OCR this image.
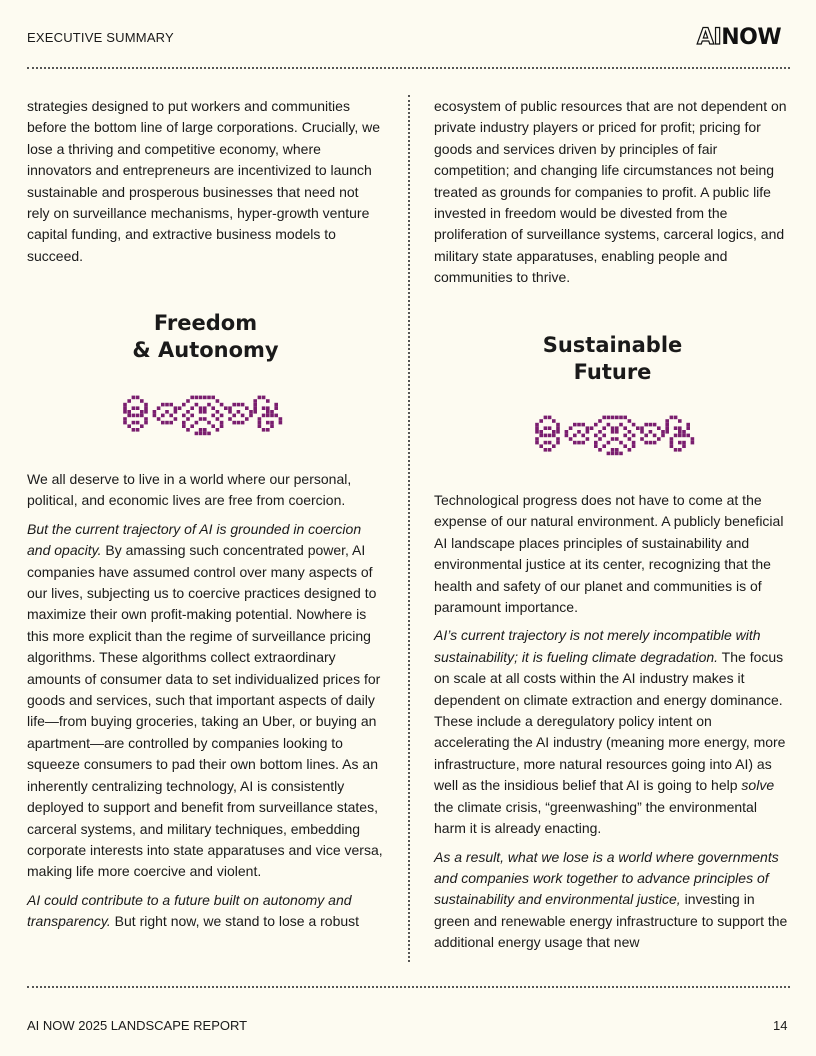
EXECUTIVE SUMMARY	AINOW

strategies designed to put workers and communities before the bottom line of large corporations. Crucially, we lose a thriving and competitive economy, where innovators and entrepreneurs are incentivized to launch sustainable and prosperous businesses that need not rely on surveillance mechanisms, hyper-growth venture capital funding, and extractive business models to succeed.

Freedom
& Autonomy

We all deserve to live in a world where our personal, political, and economic lives are free from coercion.

But the current trajectory of AI is grounded in coercion and opacity. By amassing such concentrated power, AI companies have assumed control over many aspects of our lives, subjecting us to coercive practices designed to maximize their own profit-making potential. Nowhere is this more explicit than the regime of surveillance pricing algorithms. These algorithms collect extraordinary amounts of consumer data to set individualized prices for goods and services, such that important aspects of daily life—from buying groceries, taking an Uber, or buying an apartment—are controlled by companies looking to squeeze consumers to pad their own bottom lines. As an inherently centralizing technology, AI is consistently deployed to support and benefit from surveillance states, carceral systems, and military techniques, embedding corporate interests into state apparatuses and vice versa, making life more coercive and violent.

AI could contribute to a future built on autonomy and transparency. But right now, we stand to lose a robust

ecosystem of public resources that are not dependent on private industry players or priced for profit; pricing for goods and services driven by principles of fair competition; and changing life circumstances not being treated as grounds for companies to profit. A public life invested in freedom would be divested from the proliferation of surveillance systems, carceral logics, and military state apparatuses, enabling people and communities to thrive.

Sustainable
Future

Technological progress does not have to come at the expense of our natural environment. A publicly beneficial AI landscape places principles of sustainability and environmental justice at its center, recognizing that the health and safety of our planet and communities is of paramount importance.

AI’s current trajectory is not merely incompatible with sustainability; it is fueling climate degradation. The focus on scale at all costs within the AI industry makes it dependent on climate extraction and energy dominance. These include a deregulatory policy intent on accelerating the AI industry (meaning more energy, more infrastructure, more natural resources going into AI) as well as the insidious belief that AI is going to help solve the climate crisis, “greenwashing” the environmental harm it is already enacting.

As a result, what we lose is a world where governments and companies work together to advance principles of sustainability and environmental justice, investing in green and renewable energy infrastructure to support the additional energy usage that new

AI NOW 2025 LANDSCAPE REPORT	14
